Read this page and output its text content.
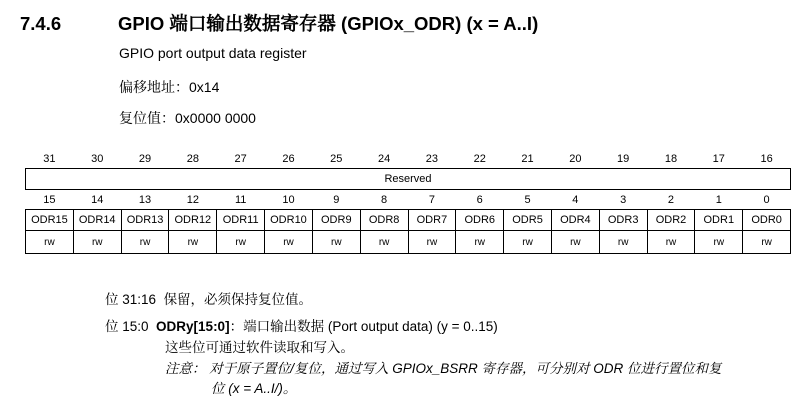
7.4.6	GPIO 端口输出数据寄存器 (GPIOx_ODR) (x = A..I)
GPIO port output data register
偏移地址：0x14
复位值：0x0000 0000
31	30	29	28	27	26	25	24	23	22	21	20	19	18	17	16
Reserved															
15	14	13	12	11	10	9	8	7	6	5	4	3	2	1	0
ODR15	ODR14	ODR13	ODR12	ODR11	ODR10	ODR9	ODR8	ODR7	ODR6	ODR5	ODR4	ODR3	ODR2	ODR1	ODR0
rw	rw	rw	rw	rw	rw	rw	rw	rw	rw	rw	rw	rw	rw	rw	rw
位 31:16 保留，必须保持复位值。
位 15:0 ODRy[15:0]：端口输出数据 (Port output data) (y = 0..15)
这些位可通过软件读取和写入。
注意： 对于原子置位/复位，通过写入 GPIOx_BSRR 寄存器，可分别对 ODR 位进行置位和复
位 (x = A..I/)。
